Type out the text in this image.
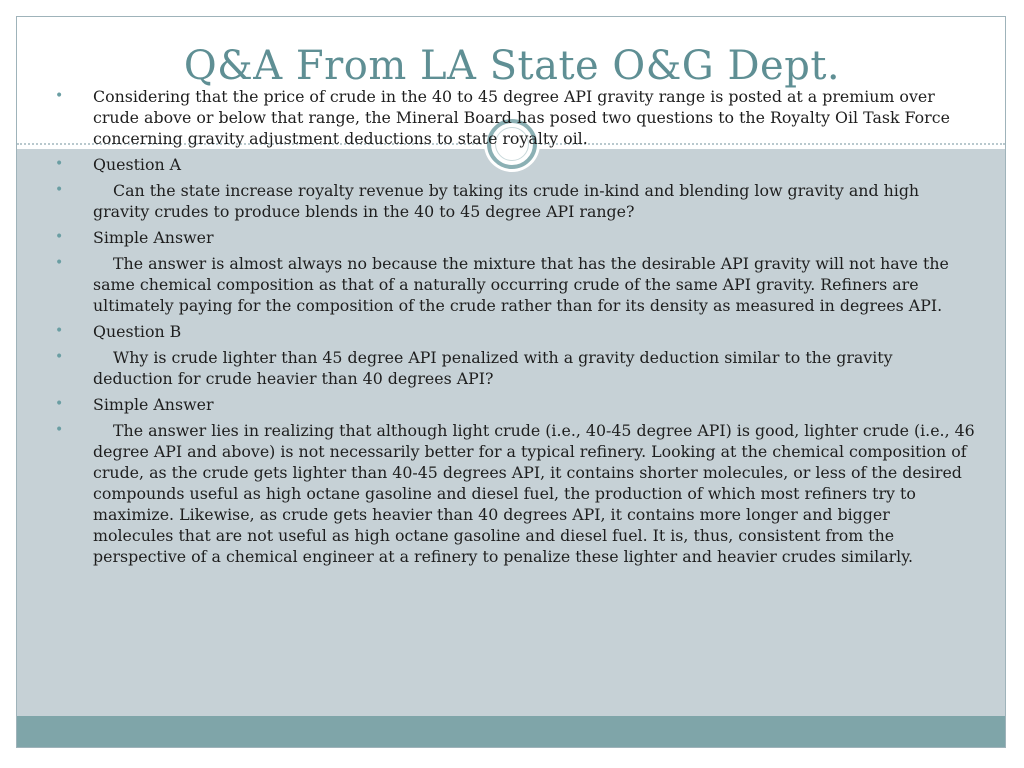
Q&A From LA State O&G Dept.
• Considering that the price of crude in the 40 to 45 degree API gravity range is posted at a premium over crude above or below that range, the Mineral Board has posed two questions to the Royalty Oil Task Force concerning gravity adjustment deductions to state royalty oil.
• Question A
•	Can the state increase royalty revenue by taking its crude in-kind and blending low gravity and high gravity crudes to produce blends in the 40 to 45 degree API range?
• Simple Answer
•	The answer is almost always no because the mixture that has the desirable API gravity will not have the same chemical composition as that of a naturally occurring crude of the same API gravity. Refiners are ultimately paying for the composition of the crude rather than for its density as measured in degrees API.
• Question B
•	Why is crude lighter than 45 degree API penalized with a gravity deduction similar to the gravity deduction for crude heavier than 40 degrees API?
• Simple Answer
•	The answer lies in realizing that although light crude (i.e., 40-45 degree API) is good, lighter crude (i.e., 46 degree API and above) is not necessarily better for a typical refinery. Looking at the chemical composition of crude, as the crude gets lighter than 40-45 degrees API, it contains shorter molecules, or less of the desired compounds useful as high octane gasoline and diesel fuel, the production of which most refiners try to maximize. Likewise, as crude gets heavier than 40 degrees API, it contains more longer and bigger molecules that are not useful as high octane gasoline and diesel fuel. It is, thus, consistent from the perspective of a chemical engineer at a refinery to penalize these lighter and heavier crudes similarly.
